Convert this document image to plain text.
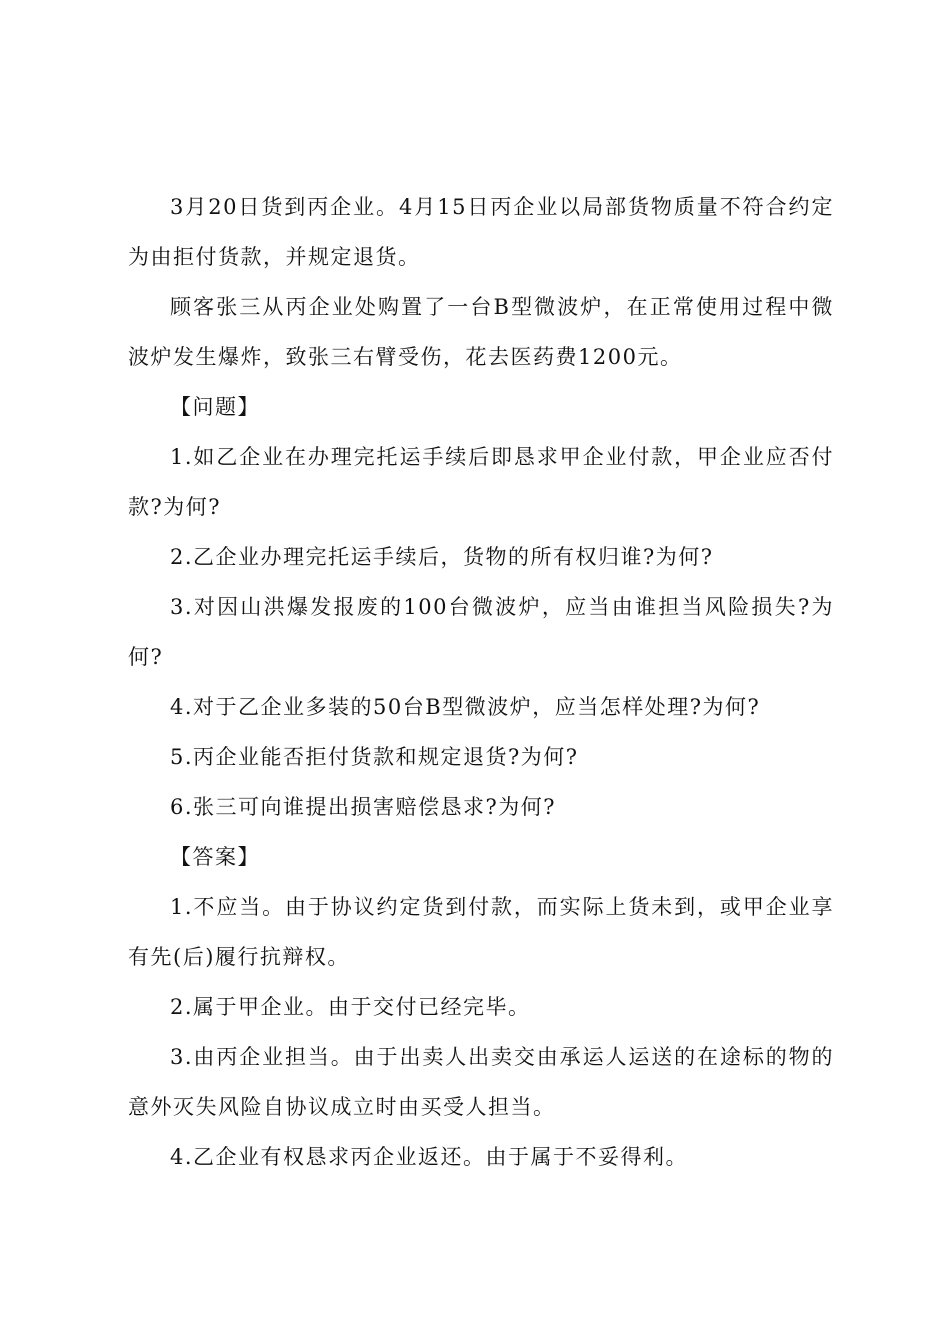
3月20日货到丙企业。4月15日丙企业以局部货物质量不符合约定为由拒付货款，并规定退货。

顾客张三从丙企业处购置了一台B型微波炉，在正常使用过程中微波炉发生爆炸，致张三右臂受伤，花去医药费1200元。

【问题】

1.如乙企业在办理完托运手续后即恳求甲企业付款，甲企业应否付款?为何?

2.乙企业办理完托运手续后，货物的所有权归谁?为何?

3.对因山洪爆发报废的100台微波炉，应当由谁担当风险损失?为何?

4.对于乙企业多装的50台B型微波炉，应当怎样处理?为何?

5.丙企业能否拒付货款和规定退货?为何?

6.张三可向谁提出损害赔偿恳求?为何?

【答案】

1.不应当。由于协议约定货到付款，而实际上货未到，或甲企业享有先(后)履行抗辩权。

2.属于甲企业。由于交付已经完毕。

3.由丙企业担当。由于出卖人出卖交由承运人运送的在途标的物的意外灭失风险自协议成立时由买受人担当。

4.乙企业有权恳求丙企业返还。由于属于不妥得利。
